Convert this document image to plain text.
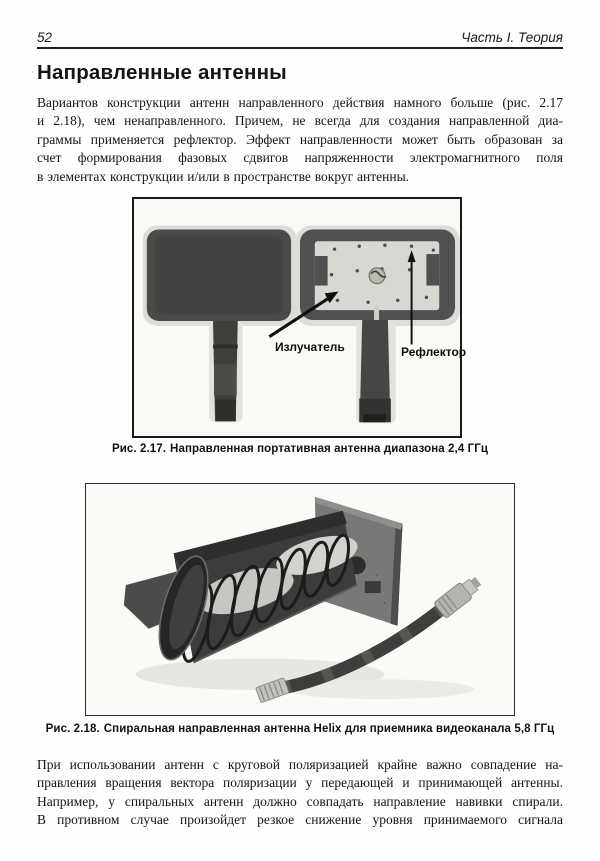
52	Часть I. Теория
Направленные антенны
Вариантов конструкции антенн направленного действия намного больше (рис. 2.17
и 2.18), чем ненаправленного. Причем, не всегда для создания направленной диа-
граммы применяется рефлектор. Эффект направленности может быть образован за
счет формирования фазовых сдвигов напряженности электромагнитного поля
в элементах конструкции и/или в пространстве вокруг антенны.
Излучатель	Рефлектор
Рис. 2.17. Направленная портативная антенна диапазона 2,4 ГГц
Рис. 2.18. Спиральная направленная антенна Helix для приемника видеоканала 5,8 ГГц
При использовании антенн с круговой поляризацией крайне важно совпадение на-
правления вращения вектора поляризации у передающей и принимающей антенны.
Например, у спиральных антенн должно совпадать направление навивки спирали.
В противном случае произойдет резкое снижение уровня принимаемого сигнала
